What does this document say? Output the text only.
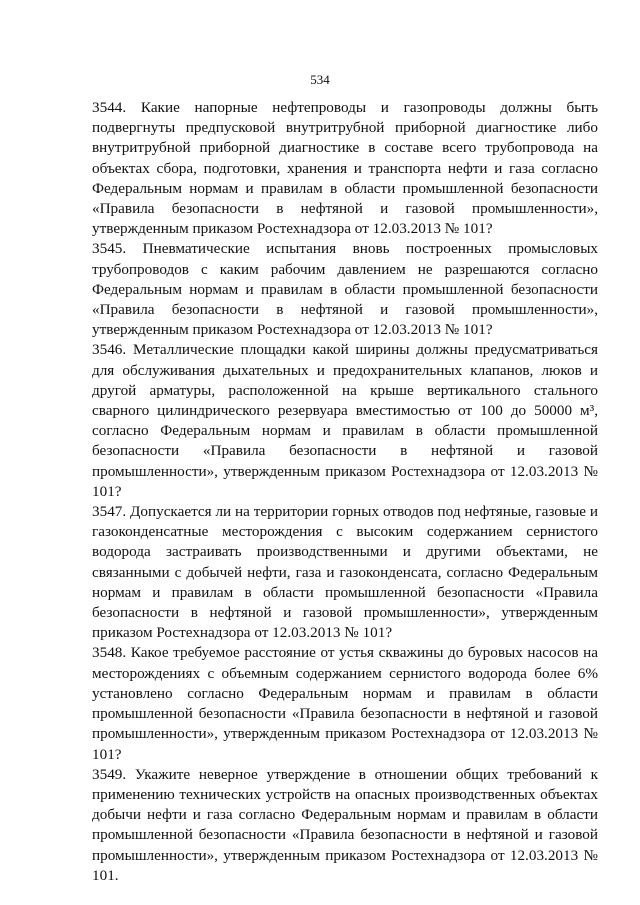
534

3544. Какие напорные нефтепроводы и газопроводы должны быть подвергнуты предпусковой внутритрубной приборной диагностике либо внутритрубной приборной диагностике в составе всего трубопровода на объектах сбора, подготовки, хранения и транспорта нефти и газа согласно Федеральным нормам и правилам в области промышленной безопасности «Правила безопасности в нефтяной и газовой промышленности», утвержденным приказом Ростехнадзора от 12.03.2013 № 101?

3545. Пневматические испытания вновь построенных промысловых трубопроводов с каким рабочим давлением не разрешаются согласно Федеральным нормам и правилам в области промышленной безопасности «Правила безопасности в нефтяной и газовой промышленности», утвержденным приказом Ростехнадзора от 12.03.2013 № 101?

3546. Металлические площадки какой ширины должны предусматриваться для обслуживания дыхательных и предохранительных клапанов, люков и другой арматуры, расположенной на крыше вертикального стального сварного цилиндрического резервуара вместимостью от 100 до 50000 м³, согласно Федеральным нормам и правилам в области промышленной безопасности «Правила безопасности в нефтяной и газовой промышленности», утвержденным приказом Ростехнадзора от 12.03.2013 № 101?

3547. Допускается ли на территории горных отводов под нефтяные, газовые и газоконденсатные месторождения с высоким содержанием сернистого водорода застраивать производственными и другими объектами, не связанными с добычей нефти, газа и газоконденсата, согласно Федеральным нормам и правилам в области промышленной безопасности «Правила безопасности в нефтяной и газовой промышленности», утвержденным приказом Ростехнадзора от 12.03.2013 № 101?

3548. Какое требуемое расстояние от устья скважины до буровых насосов на месторождениях с объемным содержанием сернистого водорода более 6% установлено согласно Федеральным нормам и правилам в области промышленной безопасности «Правила безопасности в нефтяной и газовой промышленности», утвержденным приказом Ростехнадзора от 12.03.2013 № 101?

3549. Укажите неверное утверждение в отношении общих требований к применению технических устройств на опасных производственных объектах добычи нефти и газа согласно Федеральным нормам и правилам в области промышленной безопасности «Правила безопасности в нефтяной и газовой промышленности», утвержденным приказом Ростехнадзора от 12.03.2013 № 101.
